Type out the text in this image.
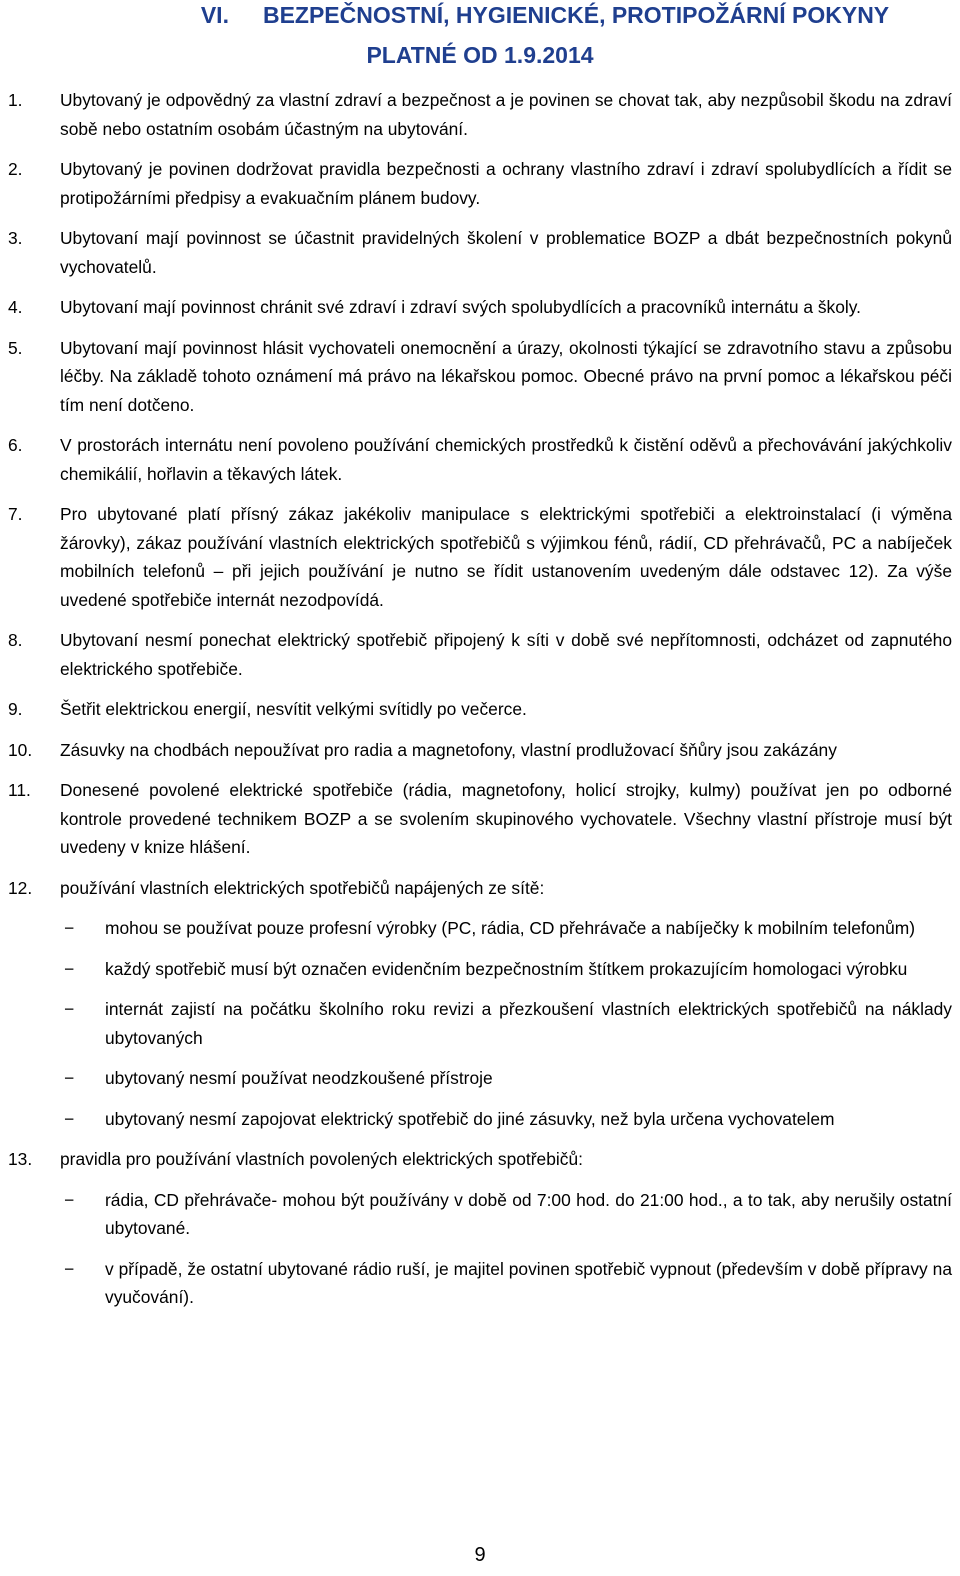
VI. BEZPEČNOSTNÍ, HYGIENICKÉ, PROTIPOŽÁRNÍ POKYNY
PLATNÉ OD 1.9.2014
1. Ubytovaný je odpovědný za vlastní zdraví a bezpečnost a je povinen se chovat tak, aby nezpůsobil škodu na zdraví sobě nebo ostatním osobám účastným na ubytování.
2. Ubytovaný je povinen dodržovat pravidla bezpečnosti a ochrany vlastního zdraví i zdraví spolubydlících a řídit se protipožárními předpisy a evakuačním plánem budovy.
3. Ubytovaní mají povinnost se účastnit pravidelných školení v problematice BOZP a dbát bezpečnostních pokynů vychovatelů.
4. Ubytovaní mají povinnost chránit své zdraví i zdraví svých spolubydlících a pracovníků internátu a školy.
5. Ubytovaní mají povinnost hlásit vychovateli onemocnění a úrazy, okolnosti týkající se zdravotního stavu a způsobu léčby. Na základě tohoto oznámení má právo na lékařskou pomoc. Obecné právo na první pomoc a lékařskou péči tím není dotčeno.
6. V prostorách internátu není povoleno používání chemických prostředků k čistění oděvů a přechovávání jakýchkoliv chemikálií, hořlavin a těkavých látek.
7. Pro ubytované platí přísný zákaz jakékoliv manipulace s elektrickými spotřebiči a elektroinstalací (i výměna žárovky), zákaz používání vlastních elektrických spotřebičů s výjimkou fénů, rádií, CD přehrávačů, PC a nabíječek mobilních telefonů – při jejich používání je nutno se řídit ustanovením uvedeným dále odstavec 12). Za výše uvedené spotřebiče internát nezodpovídá.
8. Ubytovaní nesmí ponechat elektrický spotřebič připojený k síti v době své nepřítomnosti, odcházet od zapnutého elektrického spotřebiče.
9. Šetřit elektrickou energií, nesvítit velkými svítidly po večerce.
10. Zásuvky na chodbách nepoužívat pro radia a magnetofony, vlastní prodlužovací šňůry jsou zakázány
11. Donesené povolené elektrické spotřebiče (rádia, magnetofony, holicí strojky, kulmy) používat jen po odborné kontrole provedené technikem BOZP a se svolením skupinového vychovatele. Všechny vlastní přístroje musí být uvedeny v knize hlášení.
12. používání vlastních elektrických spotřebičů napájených ze sítě:
− mohou se používat pouze profesní výrobky (PC, rádia, CD přehrávače a nabíječky k mobilním telefonům)
− každý spotřebič musí být označen evidenčním bezpečnostním štítkem prokazujícím homologaci výrobku
− internát zajistí na počátku školního roku revizi a přezkoušení vlastních elektrických spotřebičů na náklady ubytovaných
− ubytovaný nesmí používat neodzkoušené přístroje
− ubytovaný nesmí zapojovat elektrický spotřebič do jiné zásuvky, než byla určena vychovatelem
13. pravidla pro používání vlastních povolených elektrických spotřebičů:
− rádia, CD přehrávače- mohou být používány v době od 7:00 hod. do 21:00 hod., a to tak, aby nerušily ostatní ubytované.
− v případě, že ostatní ubytované rádio ruší, je majitel povinen spotřebič vypnout (především v době přípravy na vyučování).
9
